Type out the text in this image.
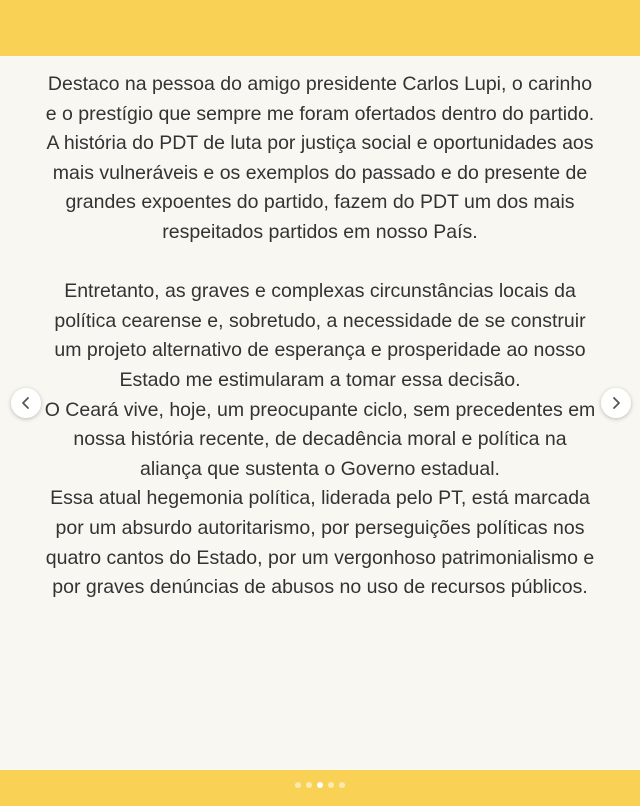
Destaco na pessoa do amigo presidente Carlos Lupi, o carinho e o prestígio que sempre me foram ofertados dentro do partido.

A história do PDT de luta por justiça social e oportunidades aos mais vulneráveis e os exemplos do passado e do presente de grandes expoentes do partido, fazem do PDT um dos mais respeitados partidos em nosso País.

Entretanto, as graves e complexas circunstâncias locais da política cearense e, sobretudo, a necessidade de se construir um projeto alternativo de esperança e prosperidade ao nosso Estado me estimularam a tomar essa decisão.

O Ceará vive, hoje, um preocupante ciclo, sem precedentes em nossa história recente, de decadência moral e política na aliança que sustenta o Governo estadual.

Essa atual hegemonia política, liderada pelo PT, está marcada por um absurdo autoritarismo, por perseguições políticas nos quatro cantos do Estado, por um vergonhoso patrimonialismo e por graves denúncias de abusos no uso de recursos públicos.
